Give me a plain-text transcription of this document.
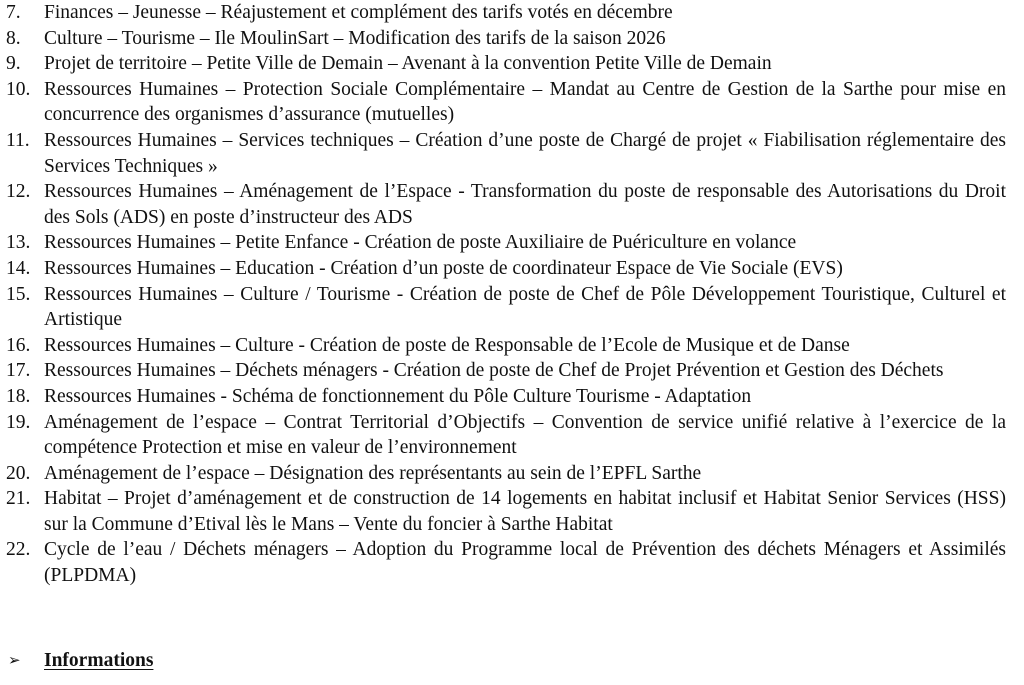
7.	Finances – Jeunesse – Réajustement et complément des tarifs votés en décembre
8.	Culture – Tourisme – Ile MoulinSart – Modification des tarifs de la saison 2026
9.	Projet de territoire – Petite Ville de Demain – Avenant à la convention Petite Ville de Demain
10. Ressources Humaines – Protection Sociale Complémentaire – Mandat au Centre de Gestion de la Sarthe pour mise en concurrence des organismes d’assurance (mutuelles)
11. Ressources Humaines – Services techniques – Création d’une poste de Chargé de projet « Fiabilisation réglementaire des Services Techniques »
12. Ressources Humaines – Aménagement de l’Espace - Transformation du poste de responsable des Autorisations du Droit des Sols (ADS) en poste d’instructeur des ADS
13. Ressources Humaines – Petite Enfance - Création de poste Auxiliaire de Puériculture en volance
14. Ressources Humaines – Education - Création d’un poste de coordinateur Espace de Vie Sociale (EVS)
15. Ressources Humaines – Culture / Tourisme - Création de poste de Chef de Pôle Développement Touristique, Culturel et Artistique
16. Ressources Humaines – Culture - Création de poste de Responsable de l’Ecole de Musique et de Danse
17. Ressources Humaines – Déchets ménagers - Création de poste de Chef de Projet Prévention et Gestion des Déchets
18. Ressources Humaines - Schéma de fonctionnement du Pôle Culture Tourisme - Adaptation
19. Aménagement de l’espace – Contrat Territorial d’Objectifs – Convention de service unifié relative à l’exercice de la compétence Protection et mise en valeur de l’environnement
20. Aménagement de l’espace – Désignation des représentants au sein de l’EPFL Sarthe
21. Habitat – Projet d’aménagement et de construction de 14 logements en habitat inclusif et Habitat Senior Services (HSS) sur la Commune d’Etival lès le Mans – Vente du foncier à Sarthe Habitat
22. Cycle de l’eau / Déchets ménagers – Adoption du Programme local de Prévention des déchets Ménagers et Assimilés (PLPDMA)
➢	Informations
